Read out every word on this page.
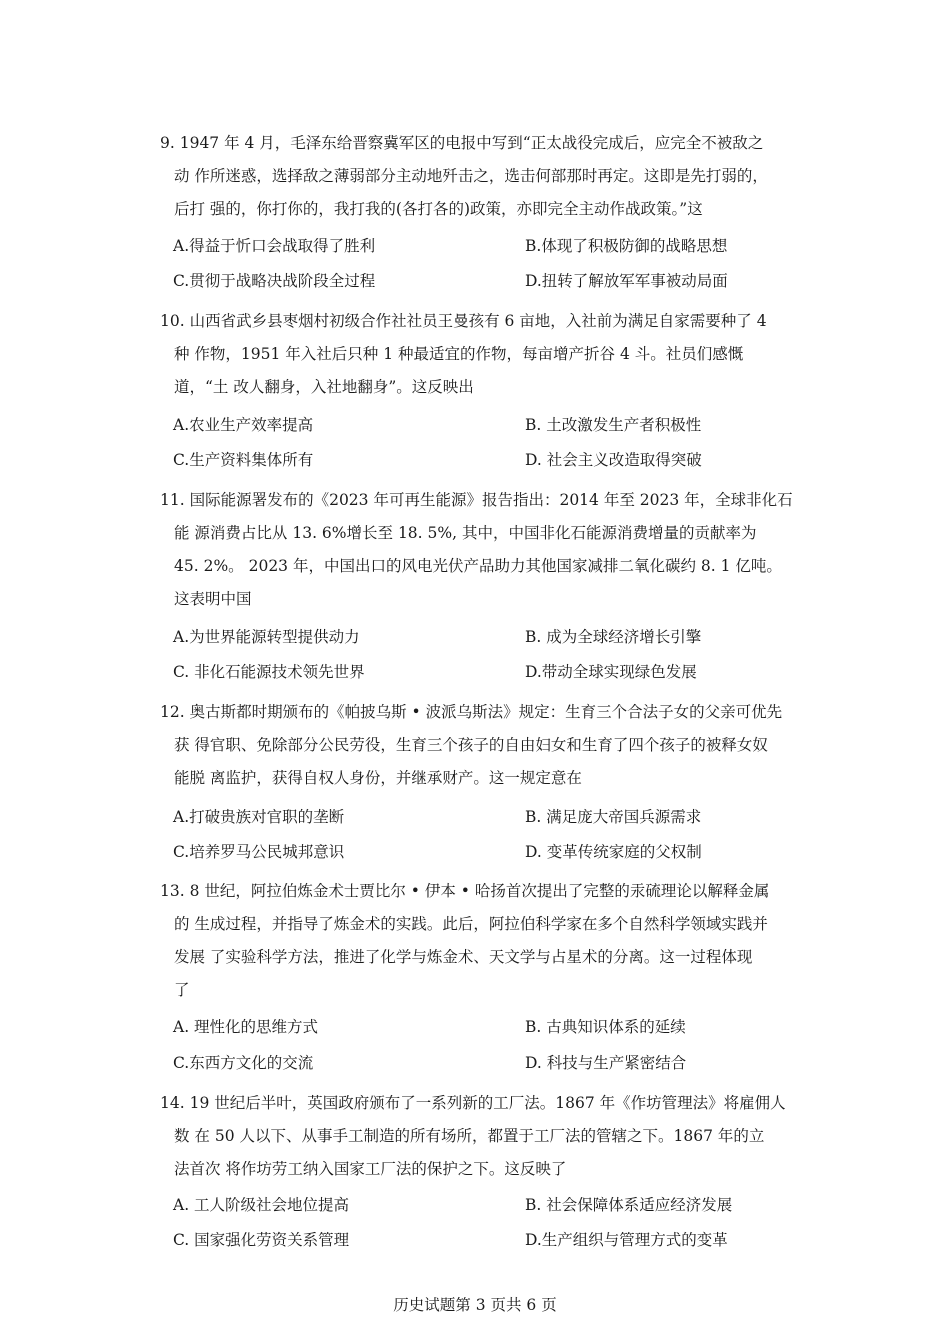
9. 1947 年 4 月，毛泽东给晋察冀军区的电报中写到“正太战役完成后，应完全不被敌之
动 作所迷惑，选择敌之薄弱部分主动地歼击之，选击何部那时再定。这即是先打弱的，
后打 强的，你打你的，我打我的(各打各的)政策，亦即完全主动作战政策。”这
A.得益于忻口会战取得了胜利	B.体现了积极防御的战略思想
C.贯彻于战略决战阶段全过程	D.扭转了解放军军事被动局面
10. 山西省武乡县枣烟村初级合作社社员王曼孩有 6 亩地，入社前为满足自家需要种了 4
种 作物，1951 年入社后只种 1 种最适宜的作物，每亩增产折谷 4 斗。社员们感慨
道，“土 改人翻身，入社地翻身”。这反映出
A.农业生产效率提高	B. 土改激发生产者积极性
C.生产资料集体所有	D. 社会主义改造取得突破
11. 国际能源署发布的《2023 年可再生能源》报告指出：2014 年至 2023 年，全球非化石
能 源消费占比从 13. 6%增长至 18. 5%, 其中，中国非化石能源消费增量的贡献率为
45. 2%。 2023 年，中国出口的风电光伏产品助力其他国家减排二氧化碳约 8. 1 亿吨。
这表明中国
A.为世界能源转型提供动力	B. 成为全球经济增长引擎
C. 非化石能源技术领先世界	D.带动全球实现绿色发展
12. 奥古斯都时期颁布的《帕披乌斯 • 波派乌斯法》规定：生育三个合法子女的父亲可优先
获 得官职、免除部分公民劳役，生育三个孩子的自由妇女和生育了四个孩子的被释女奴
能脱 离监护，获得自权人身份，并继承财产。这一规定意在
A.打破贵族对官职的垄断	B. 满足庞大帝国兵源需求
C.培养罗马公民城邦意识	D. 变革传统家庭的父权制
13. 8 世纪，阿拉伯炼金术士贾比尔 • 伊本 • 哈扬首次提出了完整的汞硫理论以解释金属
的 生成过程，并指导了炼金术的实践。此后，阿拉伯科学家在多个自然科学领域实践并
发展 了实验科学方法，推进了化学与炼金术、天文学与占星术的分离。这一过程体现
了
A. 理性化的思维方式	B. 古典知识体系的延续
C.东西方文化的交流	D. 科技与生产紧密结合
14. 19 世纪后半叶，英国政府颁布了一系列新的工厂法。1867 年《作坊管理法》将雇佣人
数 在 50 人以下、从事手工制造的所有场所，都置于工厂法的管辖之下。1867 年的立
法首次 将作坊劳工纳入国家工厂法的保护之下。这反映了
A. 工人阶级社会地位提高	B. 社会保障体系适应经济发展
C. 国家强化劳资关系管理	D.生产组织与管理方式的变革
历史试题第 3 页共 6 页
